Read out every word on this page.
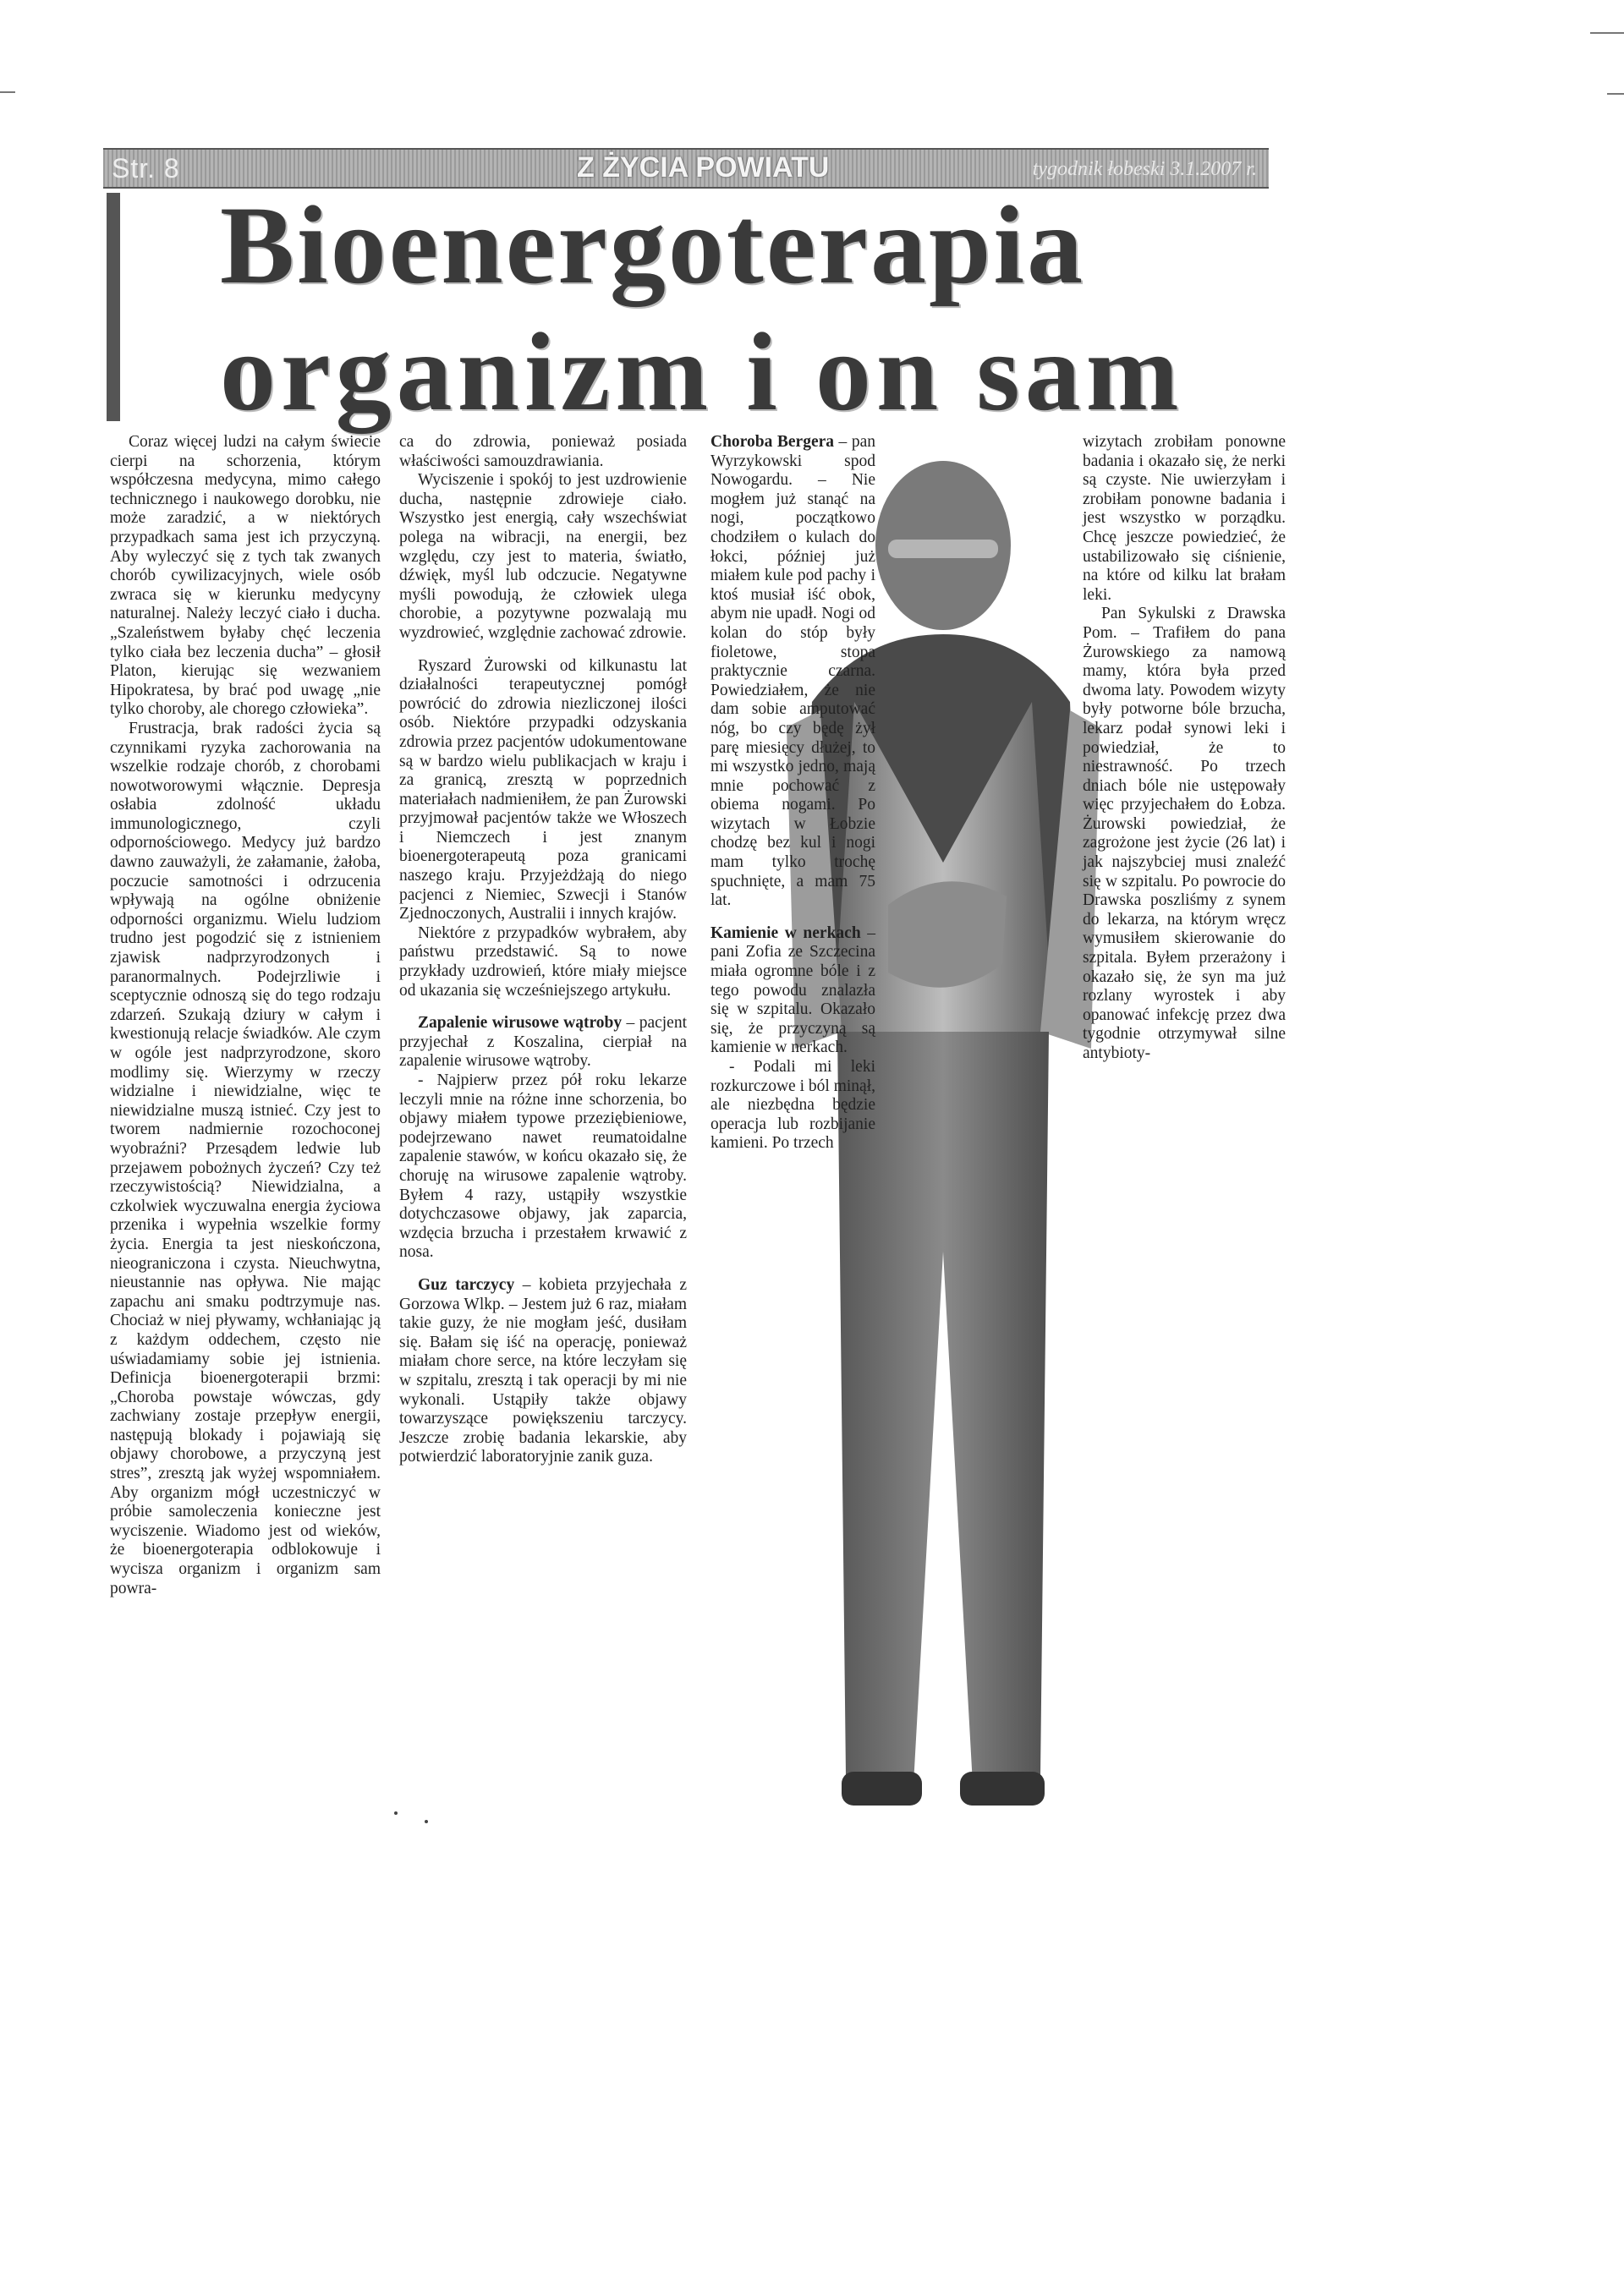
Str. 8	Z ŻYCIA POWIATU	tygodnik łobeski 3.1.2007 r.
Bioenergoterapia
organizm i on sam

Coraz więcej ludzi na całym świecie cierpi na schorzenia, którym współczesna medycyna, mimo całego technicznego i naukowego dorobku, nie może zaradzić, a w niektórych przypadkach sama jest ich przyczyną. Aby wyleczyć się z tych tak zwanych chorób cywilizacyjnych, wiele osób zwraca się w kierunku medycyny naturalnej. Należy leczyć ciało i ducha. „Szaleństwem byłaby chęć leczenia tylko ciała bez leczenia ducha” – głosił Platon, kierując się wezwaniem Hipokratesa, by brać pod uwagę „nie tylko choroby, ale chorego człowieka”.

Frustracja, brak radości życia są czynnikami ryzyka zachorowania na wszelkie rodzaje chorób, z chorobami nowotworowymi włącznie. Depresja osłabia zdolność układu immunologicznego, czyli odpornościowego. Medycy już bardzo dawno zauważyli, że załamanie, żałoba, poczucie samotności i odrzucenia wpływają na ogólne obniżenie odporności organizmu. Wielu ludziom trudno jest pogodzić się z istnieniem zjawisk nadprzyrodzonych i paranormalnych. Podejrzliwie i sceptycznie odnoszą się do tego rodzaju zdarzeń. Szukają dziury w całym i kwestionują relacje świadków. Ale czym w ogóle jest nadprzyrodzone, skoro modlimy się. Wierzymy w rzeczy widzialne i niewidzialne, więc te niewidzialne muszą istnieć. Czy jest to tworem nadmiernie rozochoconej wyobraźni? Przesądem ledwie lub przejawem pobożnych życzeń? Czy też rzeczywistością? Niewidzialna, a czkolwiek wyczuwalna energia życiowa przenika i wypełnia wszelkie formy życia. Energia ta jest nieskończona, nieograniczona i czysta. Nieuchwytna, nieustannie nas opływa. Nie mając zapachu ani smaku podtrzymuje nas. Chociaż w niej pływamy, wchłaniając ją z każdym oddechem, często nie uświadamiamy sobie jej istnienia. Definicja bioenergoterapii brzmi: „Choroba powstaje wówczas, gdy zachwiany zostaje przepływ energii, następują blokady i pojawiają się objawy chorobowe, a przyczyną jest stres”, zresztą jak wyżej wspomniałem. Aby organizm mógł uczestniczyć w próbie samoleczenia konieczne jest wyciszenie. Wiadomo jest od wieków, że bioenergoterapia odblokowuje i wycisza organizm i organizm sam powra-

ca do zdrowia, ponieważ posiada właściwości samouzdrawiania.

Wyciszenie i spokój to jest uzdrowienie ducha, następnie zdrowieje ciało. Wszystko jest energią, cały wszechświat polega na wibracji, na energii, bez względu, czy jest to materia, światło, dźwięk, myśl lub odczucie. Negatywne myśli powodują, że człowiek ulega chorobie, a pozytywne pozwalają mu wyzdrowieć, względnie zachować zdrowie.

Ryszard Żurowski od kilkunastu lat działalności terapeutycznej pomógł powrócić do zdrowia niezliczonej ilości osób. Niektóre przypadki odzyskania zdrowia przez pacjentów udokumentowane są w bardzo wielu publikacjach w kraju i za granicą, zresztą w poprzednich materiałach nadmieniłem, że pan Żurowski przyjmował pacjentów także we Włoszech i Niemczech i jest znanym bioenergoterapeutą poza granicami naszego kraju. Przyjeżdżają do niego pacjenci z Niemiec, Szwecji i Stanów Zjednoczonych, Australii i innych krajów.

Niektóre z przypadków wybrałem, aby państwu przedstawić. Są to nowe przykłady uzdrowień, które miały miejsce od ukazania się wcześniejszego artykułu.

Zapalenie wirusowe wątroby – pacjent przyjechał z Koszalina, cierpiał na zapalenie wirusowe wątroby.

- Najpierw przez pół roku lekarze leczyli mnie na różne inne schorzenia, bo objawy miałem typowe przeziębieniowe, podejrzewano nawet reumatoidalne zapalenie stawów, w końcu okazało się, że choruję na wirusowe zapalenie wątroby. Byłem 4 razy, ustąpiły wszystkie dotychczasowe objawy, jak zaparcia, wzdęcia brzucha i przestałem krwawić z nosa.

Guz tarczycy – kobieta przyjechała z Gorzowa Wlkp. – Jestem już 6 raz, miałam takie guzy, że nie mogłam jeść, dusiłam się. Bałam się iść na operację, ponieważ miałam chore serce, na które leczyłam się w szpitalu, zresztą i tak operacji by mi nie wykonali. Ustąpiły także objawy towarzyszące powiększeniu tarczycy. Jeszcze zrobię badania lekarskie, aby potwierdzić laboratoryjnie zanik guza.

Choroba Bergera – pan Wyrzykowski spod Nowogardu. – Nie mogłem już stanąć na nogi, początkowo chodziłem o kulach do łokci, później już miałem kule pod pachy i ktoś musiał iść obok, abym nie upadł. Nogi od kolan do stóp były fioletowe, stopa praktycznie czarna. Powiedziałem, że nie dam sobie amputować nóg, bo czy będę żył parę miesięcy dłużej, to mi wszystko jedno, mają mnie pochować z obiema nogami. Po wizytach w Łobzie chodzę bez kul i nogi mam tylko trochę spuchnięte, a mam 75 lat.

Kamienie w nerkach – pani Zofia ze Szczecina miała ogromne bóle i z tego powodu znalazła się w szpitalu. Okazało się, że przyczyną są kamienie w nerkach.

- Podali mi leki rozkurczowe i ból minął, ale niezbędna będzie operacja lub rozbijanie kamieni. Po trzech

wizytach zrobiłam ponowne badania i okazało się, że nerki są czyste. Nie uwierzyłam i zrobiłam ponowne badania i jest wszystko w porządku. Chcę jeszcze powiedzieć, że ustabilizowało się ciśnienie, na które od kilku lat brałam leki.

Pan Sykulski z Drawska Pom. – Trafiłem do pana Żurowskiego za namową mamy, która była przed dwoma laty. Powodem wizyty były potworne bóle brzucha, lekarz podał synowi leki i powiedział, że to niestrawność. Po trzech dniach bóle nie ustępowały więc przyjechałem do Łobza. Żurowski powiedział, że zagrożone jest życie (26 lat) i jak najszybciej musi znaleźć się w szpitalu. Po powrocie do Drawska poszliśmy z synem do lekarza, na którym wręcz wymusiłem skierowanie do szpitala. Byłem przerażony i okazało się, że syn ma już rozlany wyrostek i aby opanować infekcję przez dwa tygodnie otrzymywał silne antybioty-
